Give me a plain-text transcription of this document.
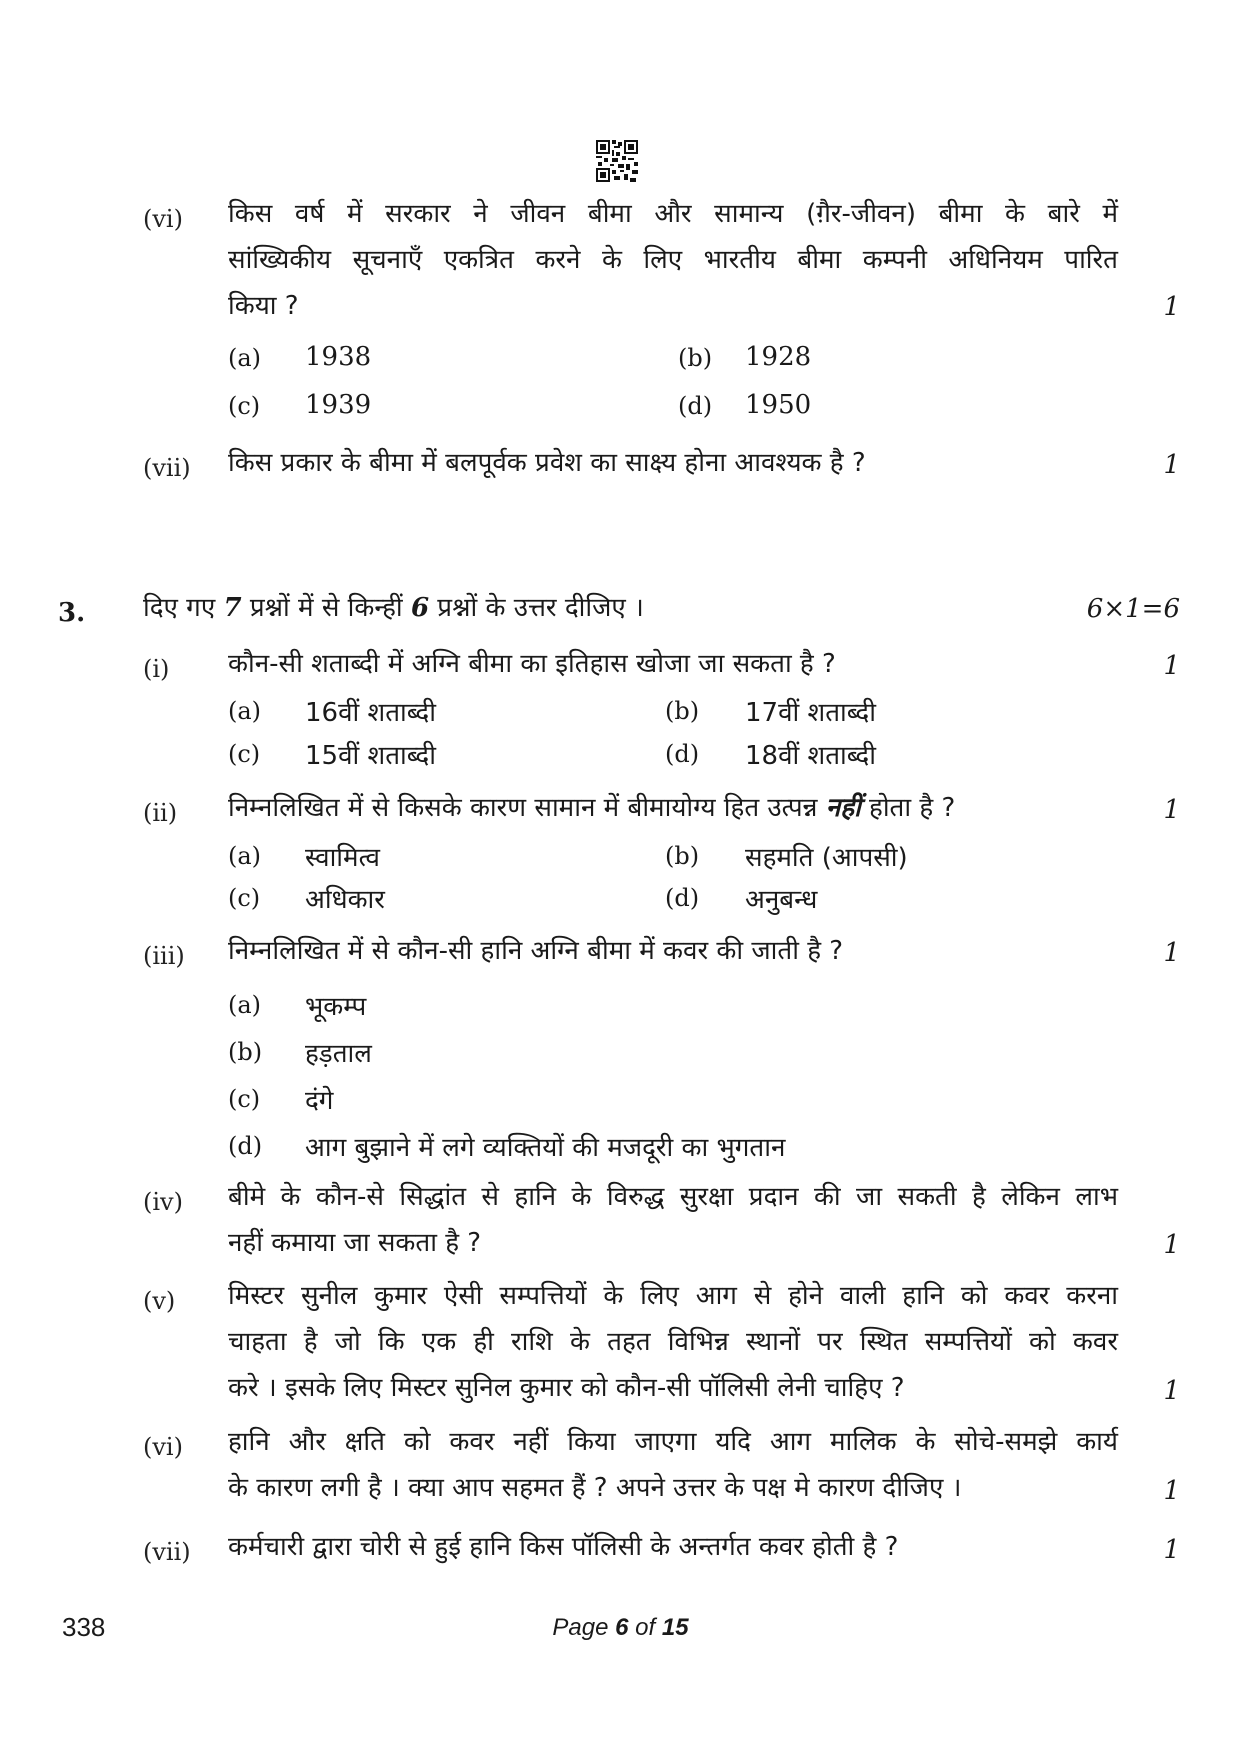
(vi) किस वर्ष में सरकार ने जीवन बीमा और सामान्य (ग़ैर-जीवन) बीमा के बारे में
सांख्यिकीय सूचनाएँ एकत्रित करने के लिए भारतीय बीमा कम्पनी अधिनियम पारित
किया ?	1
(a) 1938	(b) 1928
(c) 1939	(d) 1950
(vii) किस प्रकार के बीमा में बलपूर्वक प्रवेश का साक्ष्य होना आवश्यक है ?	1
3. दिए गए 7 प्रश्नों में से किन्हीं 6 प्रश्नों के उत्तर दीजिए ।	6×1=6
(i) कौन-सी शताब्दी में अग्नि बीमा का इतिहास खोजा जा सकता है ?	1
(a) 16वीं शताब्दी	(b) 17वीं शताब्दी
(c) 15वीं शताब्दी	(d) 18वीं शताब्दी
(ii) निम्नलिखित में से किसके कारण सामान में बीमायोग्य हित उत्पन्न नहीं होता है ?	1
(a) स्वामित्व	(b) सहमति (आपसी)
(c) अधिकार	(d) अनुबन्ध
(iii) निम्नलिखित में से कौन-सी हानि अग्नि बीमा में कवर की जाती है ?	1
(a) भूकम्प
(b) हड़ताल
(c) दंगे
(d) आग बुझाने में लगे व्यक्तियों की मजदूरी का भुगतान
(iv) बीमे के कौन-से सिद्धांत से हानि के विरुद्ध सुरक्षा प्रदान की जा सकती है लेकिन लाभ
नहीं कमाया जा सकता है ?	1
(v) मिस्टर सुनील कुमार ऐसी सम्पत्तियों के लिए आग से होने वाली हानि को कवर करना
चाहता है जो कि एक ही राशि के तहत विभिन्न स्थानों पर स्थित सम्पत्तियों को कवर
करे । इसके लिए मिस्टर सुनिल कुमार को कौन-सी पॉलिसी लेनी चाहिए ?	1
(vi) हानि और क्षति को कवर नहीं किया जाएगा यदि आग मालिक के सोचे-समझे कार्य
के कारण लगी है । क्या आप सहमत हैं ? अपने उत्तर के पक्ष मे कारण दीजिए ।	1
(vii) कर्मचारी द्वारा चोरी से हुई हानि किस पॉलिसी के अन्तर्गत कवर होती है ?	1
338	Page 6 of 15
